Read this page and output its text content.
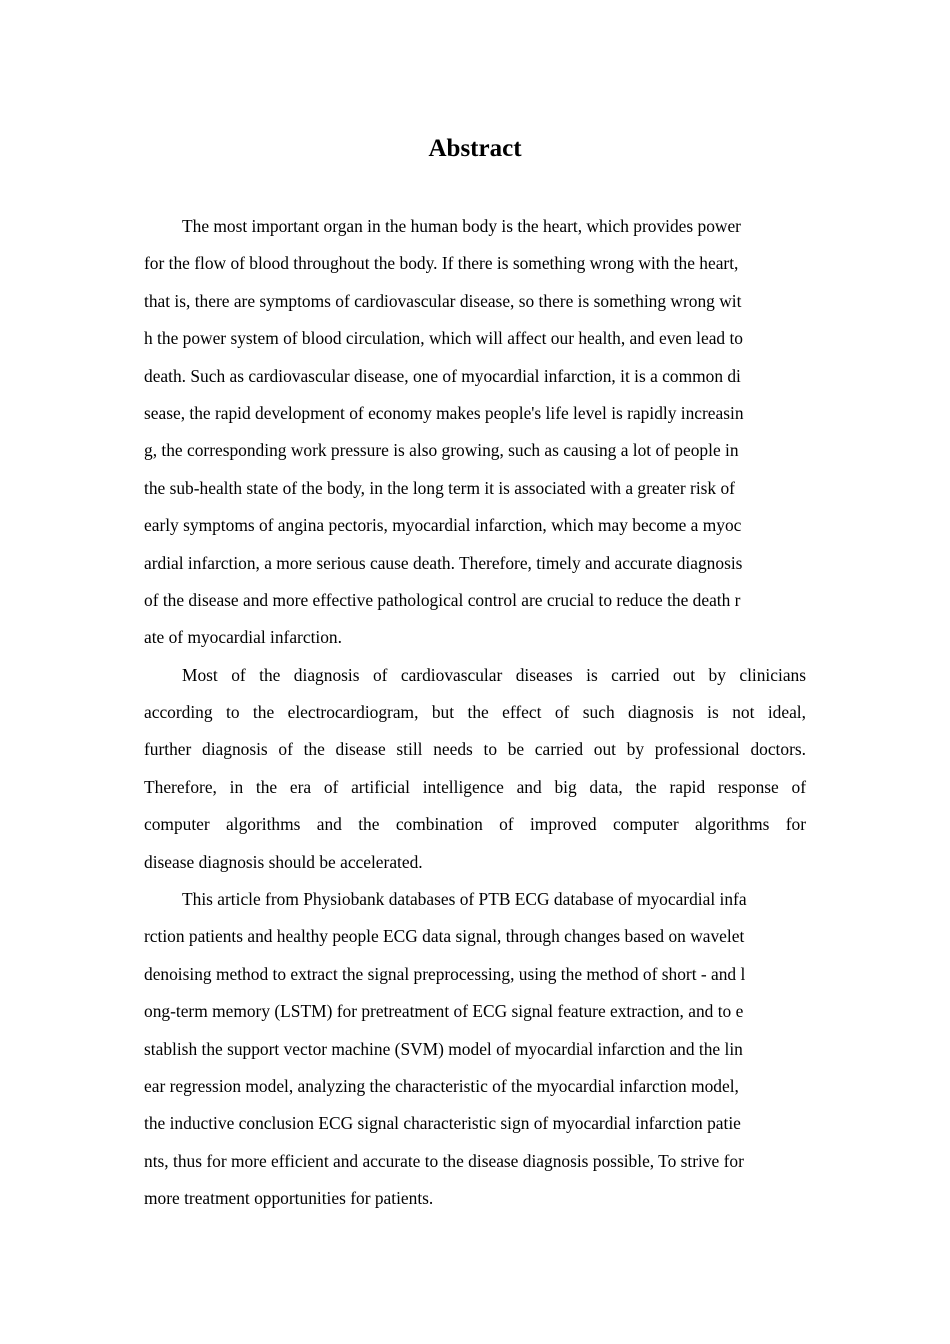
Abstract
The most important organ in the human body is the heart, which provides power
for the flow of blood throughout the body. If there is something wrong with the heart,
that is, there are symptoms of cardiovascular disease, so there is something wrong wit
h the power system of blood circulation, which will affect our health, and even lead to
death. Such as cardiovascular disease, one of myocardial infarction, it is a common di
sease, the rapid development of economy makes people's life level is rapidly increasin
g, the corresponding work pressure is also growing, such as causing a lot of people in
the sub-health state of the body, in the long term it is associated with a greater risk of
early symptoms of angina pectoris, myocardial infarction, which may become a myoc
ardial infarction, a more serious cause death. Therefore, timely and accurate diagnosis
of the disease and more effective pathological control are crucial to reduce the death r
ate of myocardial infarction.
Most of the diagnosis of cardiovascular diseases is carried out by clinicians
according to the electrocardiogram, but the effect of such diagnosis is not ideal,
further diagnosis of the disease still needs to be carried out by professional doctors.
Therefore, in the era of artificial intelligence and big data, the rapid response of
computer algorithms and the combination of improved computer algorithms for
disease diagnosis should be accelerated.
This article from Physiobank databases of PTB ECG database of myocardial infa
rction patients and healthy people ECG data signal, through changes based on wavelet
denoising method to extract the signal preprocessing, using the method of short - and l
ong-term memory (LSTM) for pretreatment of ECG signal feature extraction, and to e
stablish the support vector machine (SVM) model of myocardial infarction and the lin
ear regression model, analyzing the characteristic of the myocardial infarction model,
the inductive conclusion ECG signal characteristic sign of myocardial infarction patie
nts, thus for more efficient and accurate to the disease diagnosis possible, To strive for
more treatment opportunities for patients.
